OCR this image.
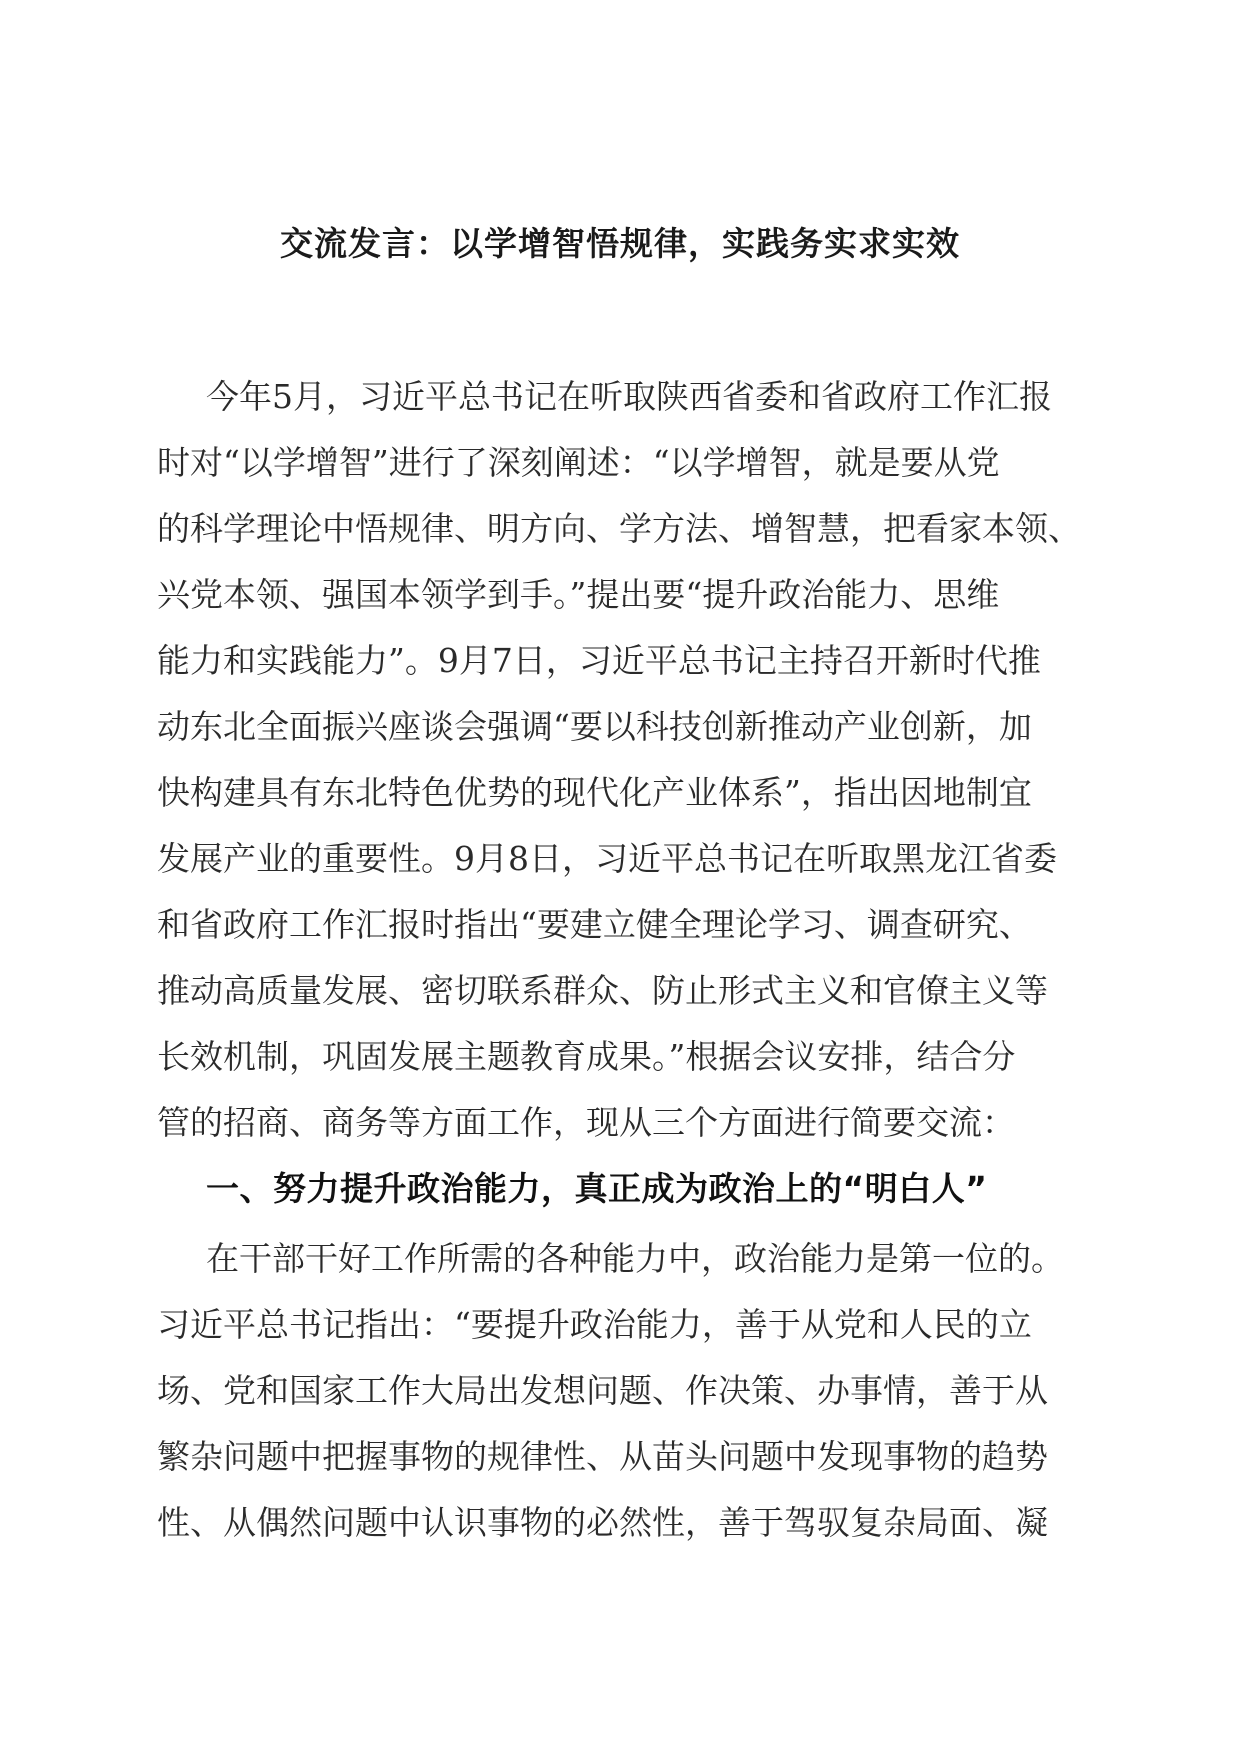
交流发言：以学增智悟规律，实践务实求实效

今年5月，习近平总书记在听取陕西省委和省政府工作汇报

时对“以学增智”进行了深刻阐述：“以学增智，就是要从党

的科学理论中悟规律、明方向、学方法、增智慧，把看家本领、

兴党本领、强国本领学到手。”提出要“提升政治能力、思维

能力和实践能力”。9月7日，习近平总书记主持召开新时代推

动东北全面振兴座谈会强调“要以科技创新推动产业创新，加

快构建具有东北特色优势的现代化产业体系”，指出因地制宜

发展产业的重要性。9月8日，习近平总书记在听取黑龙江省委

和省政府工作汇报时指出“要建立健全理论学习、调查研究、

推动高质量发展、密切联系群众、防止形式主义和官僚主义等

长效机制，巩固发展主题教育成果。”根据会议安排，结合分

管的招商、商务等方面工作，现从三个方面进行简要交流：

一、努力提升政治能力，真正成为政治上的“明白人”

在干部干好工作所需的各种能力中，政治能力是第一位的。

习近平总书记指出：“要提升政治能力，善于从党和人民的立

场、党和国家工作大局出发想问题、作决策、办事情，善于从

繁杂问题中把握事物的规律性、从苗头问题中发现事物的趋势

性、从偶然问题中认识事物的必然性，善于驾驭复杂局面、凝
